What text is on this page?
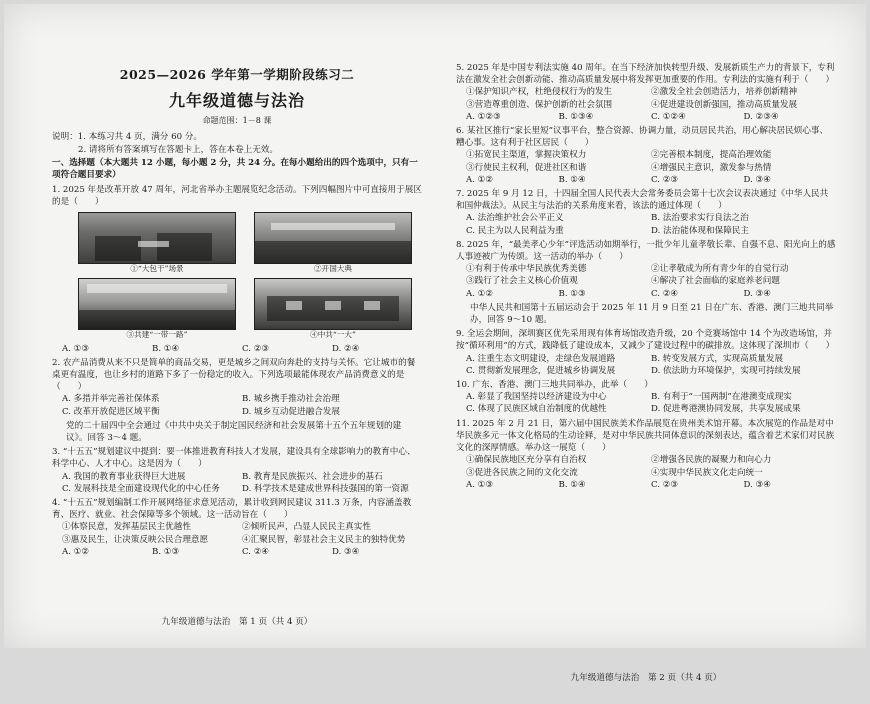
2025—2026 学年第一学期阶段练习二
九年级道德与法治
命题范围：1－8 课
说明：1. 本练习共 4 页，满分 60 分。
2. 请将所有答案填写在答题卡上，答在本卷上无效。
一、选择题（本大题共 12 小题，每小题 2 分，共 24 分。在每小题给出的四个选项中，只有一项符合题目要求）
1. 2025 年是改革开放 47 周年，河北省举办主题展览纪念活动。下列四幅图片中可直接用于展区的是（　　）
①“大包干”场景	②开国大典
③共建“一带一路”	④中共“一大”
A. ①③	B. ①④	C. ②③	D. ②④
2. 农产品消费从来不只是简单的商品交易，更是城乡之间双向奔赴的支持与关怀。它让城市的餐桌更有温度，也让乡村的道路下多了一份稳定的收入。下列选项最能体现农产品消费意义的是（　　）
A. 多措并举完善社保体系	B. 城乡携手推动社会治理
C. 改革开放促进区域平衡	D. 城乡互动促进融合发展
党的二十届四中全会通过《中共中央关于制定国民经济和社会发展第十五个五年规划的建议》。回答 3～4 题。
3. “十五五”规划建议中提到：要一体推进教育科技人才发展，建设具有全球影响力的教育中心、科学中心、人才中心。这是因为（　　）
A. 我国的教育事业获得巨大进展	B. 教育是民族振兴、社会进步的基石
C. 发展科技是全面建设现代化的中心任务	D. 科学技术是建成世界科技强国的第一资源
4. “十五五”规划编制工作开展网络征求意见活动，累计收到网民建议 311.3 万条，内容涵盖教育、医疗、就业、社会保障等多个领域。这一活动旨在（　　）
①体察民意，发挥基层民主优越性	②倾听民声，凸显人民民主真实性
③惠及民生，让决策反映公民合理意愿	④汇聚民智，彰显社会主义民主的独特优势
A. ①②	B. ①③	C. ②④	D. ③④
九年级道德与法治　第 1 页（共 4 页）
5. 2025 年是中国专利法实施 40 周年。在当下经济加快转型升级、发展新质生产力的背景下，专利法在激发全社会创新动能、推动高质量发展中将发挥更加重要的作用。专利法的实施有利于（　　）
①保护知识产权，杜绝侵权行为的发生	②激发全社会创造活力，培养创新精神
③营造尊重创造、保护创新的社会氛围	④促进建设创新强国，推动高质量发展
A. ①②③	B. ①③④	C. ①②④	D. ②③④
6. 某社区推行“家长里短”议事平台，整合资源、协调力量，动员居民共治，用心解决居民烦心事、糟心事。这有利于社区居民（　　）
①拓宽民主渠道，掌握决策权力	②完善根本制度，提高治理效能
③行使民主权利，促进社区和谐	④增强民主意识，激发参与热情
A. ①②	B. ①④	C. ②③	D. ③④
7. 2025 年 9 月 12 日，十四届全国人民代表大会常务委员会第十七次会议表决通过《中华人民共和国仲裁法》。从民主与法治的关系角度来看，该法的通过体现（　　）
A. 法治维护社会公平正义	B. 法治要求实行良法之治
C. 民主为以人民利益为重	D. 法治能体现和保障民主
8. 2025 年，“最美孝心少年”评选活动如期举行，一批少年儿童孝敬长辈、自强不息、阳光向上的感人事迹被广为传颂。这一活动的举办（　　）
①有利于传承中华民族优秀美德	②让孝敬成为所有青少年的自觉行动
③践行了社会主义核心价值观	④解决了社会面临的家庭养老问题
A. ①②	B. ①③	C. ②④	D. ③④
中华人民共和国第十五届运动会于 2025 年 11 月 9 日至 21 日在广东、香港、澳门三地共同举办，回答 9～10 题。
9. 全运会期间，深圳赛区优先采用现有体育场馆改造升级，20 个竞赛场馆中 14 个为改造场馆，并按“循环利用”的方式，践降低了建设成本，又减少了建设过程中的碳排放。这体现了深圳市（　　）
A. 注重生态文明建设，走绿色发展道路	B. 转变发展方式，实现高质量发展
C. 贯彻新发展理念，促进城乡协调发展	D. 依法助力环境保护，实现可持续发展
10. 广东、香港、澳门三地共同举办，此举（　　）
A. 彰显了我国坚持以经济建设为中心	B. 有利于“一国两制”在港澳变成现实
C. 体现了民族区域自治制度的优越性	D. 促进粤港澳协同发展，共享发展成果
11. 2025 年 2 月 21 日，第六届中国民族美术作品展览在贵州美术馆开幕。本次展览的作品是对中华民族多元一体文化格局的生动诠释，是对中华民族共同体意识的深刻表达，蕴含着艺术家们对民族文化的深厚情感。举办这一展览（　　）
①确保民族地区充分享有自治权	②增强各民族的凝聚力和向心力
③促进各民族之间的文化交流	④实现中华民族文化走向统一
A. ①③	B. ①④	C. ②③	D. ③④
九年级道德与法治　第 2 页（共 4 页）
